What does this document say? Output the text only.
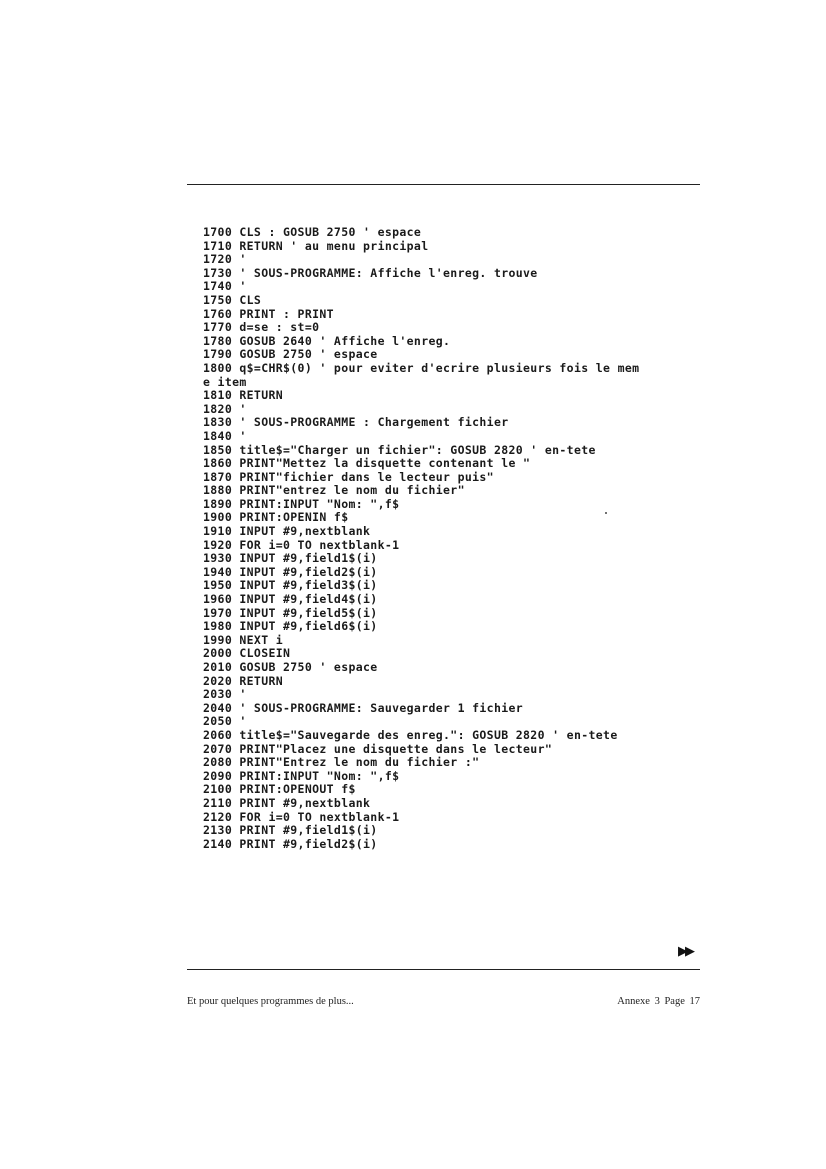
1700 CLS : GOSUB 2750 ' espace
1710 RETURN ' au menu principal
1720 '
1730 ' SOUS-PROGRAMME: Affiche l'enreg. trouve
1740 '
1750 CLS
1760 PRINT : PRINT
1770 d=se : st=0
1780 GOSUB 2640 ' Affiche l'enreg.
1790 GOSUB 2750 ' espace
1800 q$=CHR$(0) ' pour eviter d'ecrire plusieurs fois le mem
e item
1810 RETURN
1820 '
1830 ' SOUS-PROGRAMME : Chargement fichier
1840 '
1850 title$="Charger un fichier": GOSUB 2820 ' en-tete
1860 PRINT"Mettez la disquette contenant le "
1870 PRINT"fichier dans le lecteur puis"
1880 PRINT"entrez le nom du fichier"
1890 PRINT:INPUT "Nom: ",f$
1900 PRINT:OPENIN f$
1910 INPUT #9,nextblank
1920 FOR i=0 TO nextblank-1
1930 INPUT #9,field1$(i)
1940 INPUT #9,field2$(i)
1950 INPUT #9,field3$(i)
1960 INPUT #9,field4$(i)
1970 INPUT #9,field5$(i)
1980 INPUT #9,field6$(i)
1990 NEXT i
2000 CLOSEIN
2010 GOSUB 2750 ' espace
2020 RETURN
2030 '
2040 ' SOUS-PROGRAMME: Sauvegarder 1 fichier
2050 '
2060 title$="Sauvegarde des enreg.": GOSUB 2820 ' en-tete
2070 PRINT"Placez une disquette dans le lecteur"
2080 PRINT"Entrez le nom du fichier :"
2090 PRINT:INPUT "Nom: ",f$
2100 PRINT:OPENOUT f$
2110 PRINT #9,nextblank
2120 FOR i=0 TO nextblank-1
2130 PRINT #9,field1$(i)
2140 PRINT #9,field2$(i)
▶▶
Et pour quelques programmes de plus...	Annexe 3 Page 17
